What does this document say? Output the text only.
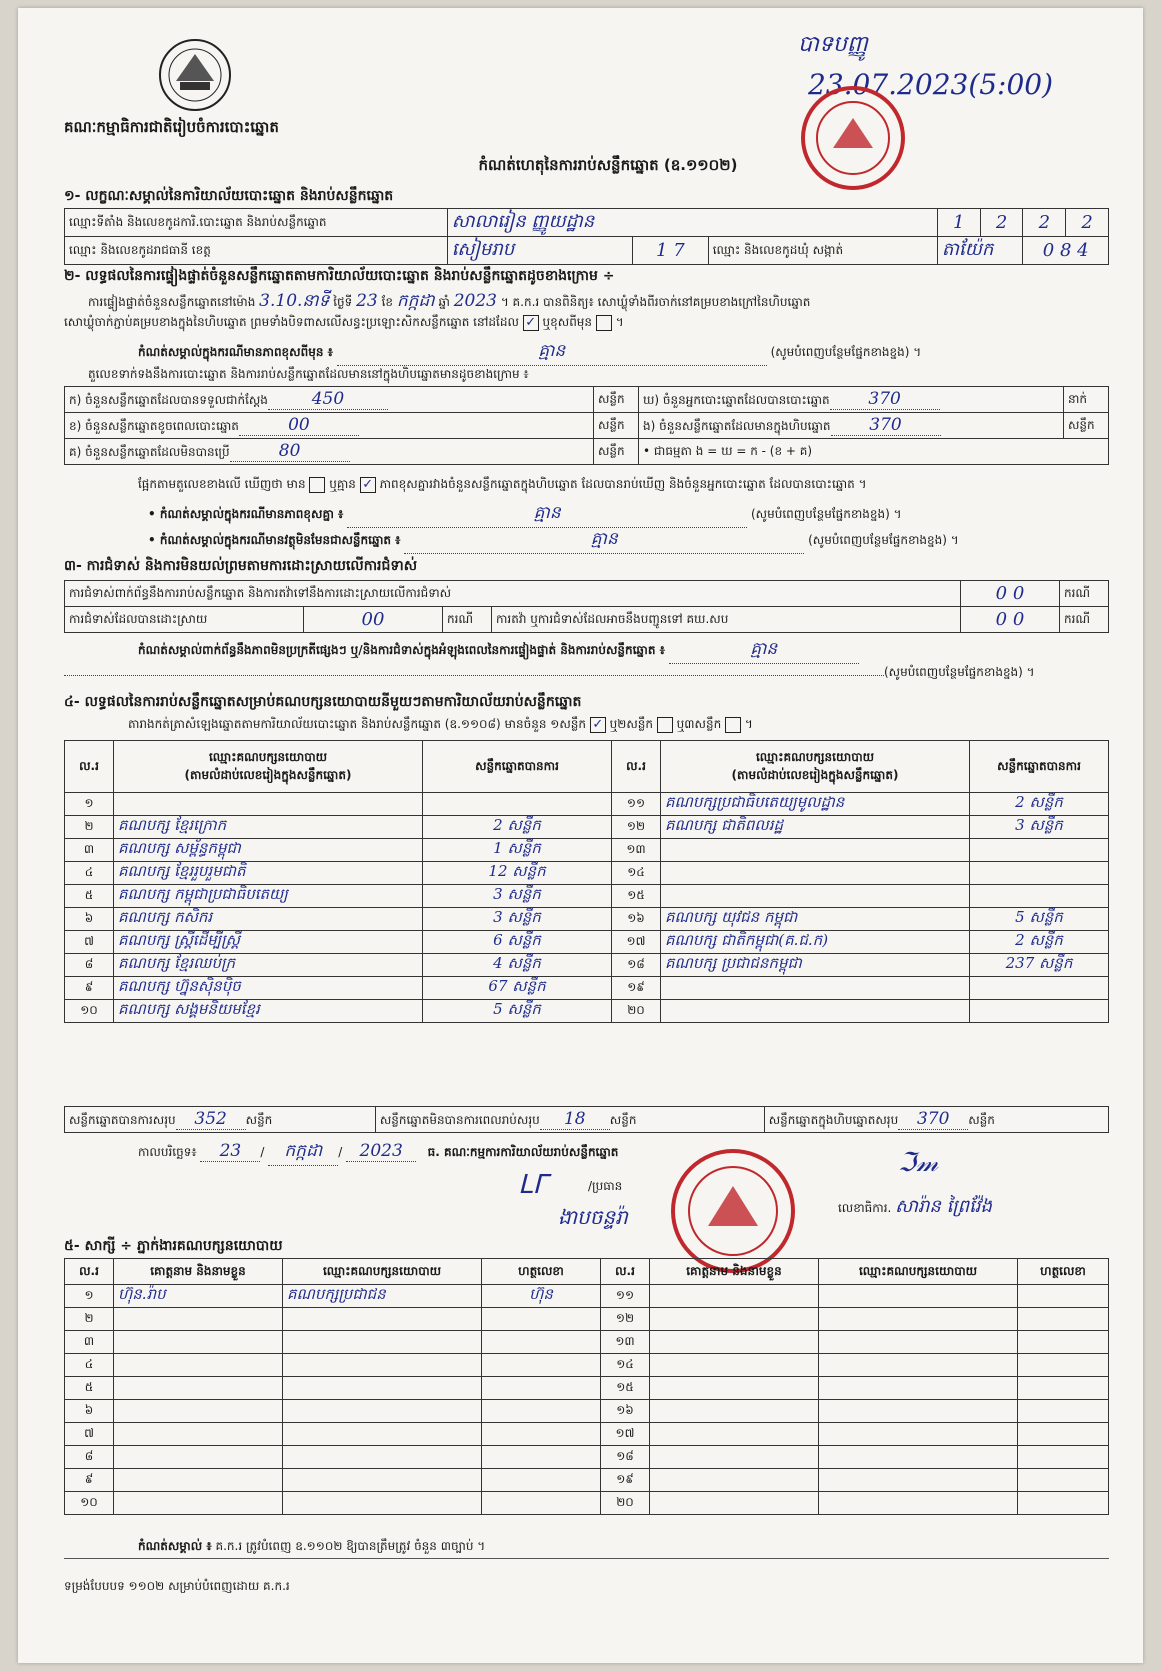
គណៈកម្មាធិការជាតិរៀបចំការបោះឆ្នោត
បាទបញ្ញូ
23.07.2023(5:00)
កំណត់ហេតុនៃការរាប់សន្លឹកឆ្នោត (ឧ.១១០២)
១- លក្ខណៈសម្គាល់នៃការិយាល័យបោះឆ្នោត និងរាប់សន្លឹកឆ្នោត
ឈ្មោះទីតាំង និងលេខកូដការិ.បោះឆ្នោត និងរាប់សន្លឹកឆ្នោត	សាលារៀន ញ្ញូយដ្ឋាន			1	2	2	2
ឈ្មោះ និងលេខកូដរាជធានី ខេត្ត	សៀមរាប	1 7	ឈ្មោះ និងលេខកូដឃុំ សង្កាត់	តាយ៉ែក		0 8 4	
២- លទ្ធផលនៃការផ្ទៀងផ្ទាត់ចំនួនសន្លឹកឆ្នោតតាមការិយាល័យបោះឆ្នោត និងរាប់សន្លឹកឆ្នោតដូចខាងក្រោម ÷
ការផ្ទៀងផ្ទាត់ចំនួនសន្លឹកឆ្នោតនៅម៉ោង 3.10.នាទី ថ្ងៃទី 23 ខែ កក្កដា ឆ្នាំ 2023 ។ គ.ក.រ បានពិនិត្យ៖ សោឃ្លុំទាំងពីរចាក់នៅគម្របខាងក្រៅនៃហិបឆ្នោត
សោឃ្លុំចាក់ភ្ជាប់គម្របខាងក្នុងនៃហិបឆ្នោត ព្រមទាំងបិទពាសលើសន្ធះប្រឡោះសិកសន្លឹកឆ្នោត នៅដដែល ✓ ឬខុសពីមុន  ។
កំណត់សម្គាល់ក្នុងករណីមានភាពខុសពីមុន ៖	គ្មាន	(សូមបំពេញបន្ថែមផ្នែកខាងខ្នង) ។
តួលេខទាក់ទងនឹងការបោះឆ្នោត និងការរាប់សន្លឹកឆ្នោតដែលមាននៅក្នុងហិបឆ្នោតមានដូចខាងក្រោម ៖
ក) ចំនួនសន្លឹកឆ្នោតដែលបានទទួលជាក់ស្ដែង 450	សន្លឹក	ឃ) ចំនួនអ្នកបោះឆ្នោតដែលបានបោះឆ្នោត 370	នាក់
ខ) ចំនួនសន្លឹកឆ្នោតខូចពេលបោះឆ្នោត 00	សន្លឹក	ង) ចំនួនសន្លឹកឆ្នោតដែលមានក្នុងហិបឆ្នោត 370	សន្លឹក
គ) ចំនួនសន្លឹកឆ្នោតដែលមិនបានប្រើ 80	សន្លឹក	• ជាធម្មតា ង = ឃ = ក - (ខ + គ)	
ផ្អែកតាមតួលេខខាងលើ ឃើញថា មាន ឬគ្មាន ✓ ភាពខុសគ្នារវាងចំនួនសន្លឹកឆ្នោតក្នុងហិបឆ្នោត ដែលបានរាប់ឃើញ និងចំនួនអ្នកបោះឆ្នោត ដែលបានបោះឆ្នោត ។
• កំណត់សម្គាល់ក្នុងករណីមានភាពខុសគ្នា ៖	គ្មាន	(សូមបំពេញបន្ថែមផ្នែកខាងខ្នង) ។
• កំណត់សម្គាល់ក្នុងករណីមានវត្ថុមិនមែនជាសន្លឹកឆ្នោត ៖	គ្មាន	(សូមបំពេញបន្ថែមផ្នែកខាងខ្នង) ។
៣- ការជំទាស់ និងការមិនយល់ព្រមតាមការដោះស្រាយលើការជំទាស់
ការជំទាស់ពាក់ព័ន្ធនឹងការរាប់សន្លឹកឆ្នោត និងការតវ៉ាទៅនឹងការដោះស្រាយលើការជំទាស់				0 0	ករណី
ការជំទាស់ដែលបានដោះស្រាយ	00	ករណី	ការតវ៉ា ឬការជំទាស់ដែលអាចនឹងបញ្ជូនទៅ គឃ.សប	0 0	ករណី
កំណត់សម្គាល់ពាក់ព័ន្ធនឹងភាពមិនប្រក្រតីផ្សេងៗ ឬ/និងការជំទាស់ក្នុងអំឡុងពេលនៃការផ្ទៀងផ្ទាត់ និងការរាប់សន្លឹកឆ្នោត ៖	គ្មាន
(សូមបំពេញបន្ថែមផ្នែកខាងខ្នង) ។
៤- លទ្ធផលនៃការរាប់សន្លឹកឆ្នោតសម្រាប់គណបក្សនយោបាយនីមួយៗតាមការិយាល័យរាប់សន្លឹកឆ្នោត
តារាងកត់ត្រាសំឡេងឆ្នោតតាមការិយាល័យបោះឆ្នោត និងរាប់សន្លឹកឆ្នោត (ឧ.១១០៨) មានចំនួន ១សន្លឹក ✓ ឬ២សន្លឹក ឬ៣សន្លឹក  ។
ល.រ	ឈ្មោះគណបក្សនយោបាយ
(តាមលំដាប់លេខរៀងក្នុងសន្លឹកឆ្នោត)	សន្លឹកឆ្នោតបានការ	ល.រ	ឈ្មោះគណបក្សនយោបាយ
(តាមលំដាប់លេខរៀងក្នុងសន្លឹកឆ្នោត)	សន្លឹកឆ្នោតបានការ
១			១១	គណបក្សប្រជាធិបតេយ្យមូលដ្ឋាន	2 សន្លឹក
២	គណបក្ស ខ្មែរក្រោក	2 សន្លឹក	១២	គណបក្ស ជាតិពលរដ្ឋ	3 សន្លឹក
៣	គណបក្ស សម្ព័ន្ធកម្ពុជា	1 សន្លឹក	១៣		
៤	គណបក្ស ខ្មែររួបរួមជាតិ	12 សន្លឹក	១៤		
៥	គណបក្ស កម្ពុជាប្រជាធិបតេយ្យ	3 សន្លឹក	១៥		
៦	គណបក្ស កសិករ	3 សន្លឹក	១៦	គណបក្ស យុវជន កម្ពុជា	5 សន្លឹក
៧	គណបក្ស ស្ត្រីដើម្បីស្ត្រី	6 សន្លឹក	១៧	គណបក្ស ជាតិកម្ពុជា(គ.ជ.ក)	2 សន្លឹក
៨	គណបក្ស ខ្មែរឈប់ក្រ	4 សន្លឹក	១៨	គណបក្ស ប្រជាជនកម្ពុជា	237 សន្លឹក
៩	គណបក្ស ហ្វ៊ុនស៊ិនប៉ិច	67 សន្លឹក	១៩		
១០	គណបក្ស សង្គមនិយមខ្មែរ	5 សន្លឹក	២០		
សន្លឹកឆ្នោតបានការសរុប 352 សន្លឹក	សន្លឹកឆ្នោតមិនបានការពេលរាប់សរុប 18 សន្លឹក	សន្លឹកឆ្នោតក្នុងហិបឆ្នោតសរុប 370 សន្លឹក
កាលបរិច្ឆេទ៖ 23 / កក្កដា / 2023 ធ. គណៈកម្មការការិយាល័យរាប់សន្លឹកឆ្នោត
ᒪᒥ	/ប្រធាន
ងាបចន្ទរ៉ា
ℑ𝓂
លេខាធិការ. សារ៉ាន ព្រៃវ៉ែង
៥- សាក្សី ÷ ភ្នាក់ងារគណបក្សនយោបាយ
ល.រ	គោត្តនាម និងនាមខ្លួន	ឈ្មោះគណបក្សនយោបាយ	ហត្ថលេខា	ល.រ	គោត្តនាម និងនាមខ្លួន	ឈ្មោះគណបក្សនយោបាយ	ហត្ថលេខា
១	ហ៊ុន.រ៉ាប	គណបក្សប្រជាជន	ហ៊ុន	១១			
២				១២			
៣				១៣			
៤				១៤			
៥				១៥			
៦				១៦			
៧				១៧			
៨				១៨			
៩				១៩			
១០				២០			
កំណត់សម្គាល់ ៖ គ.ក.រ ត្រូវបំពេញ ឧ.១១០២ ឱ្យបានត្រឹមត្រូវ ចំនួន ៣ច្បាប់ ។
ទម្រង់បែបបទ ១១០២ សម្រាប់បំពេញដោយ គ.ក.រ
